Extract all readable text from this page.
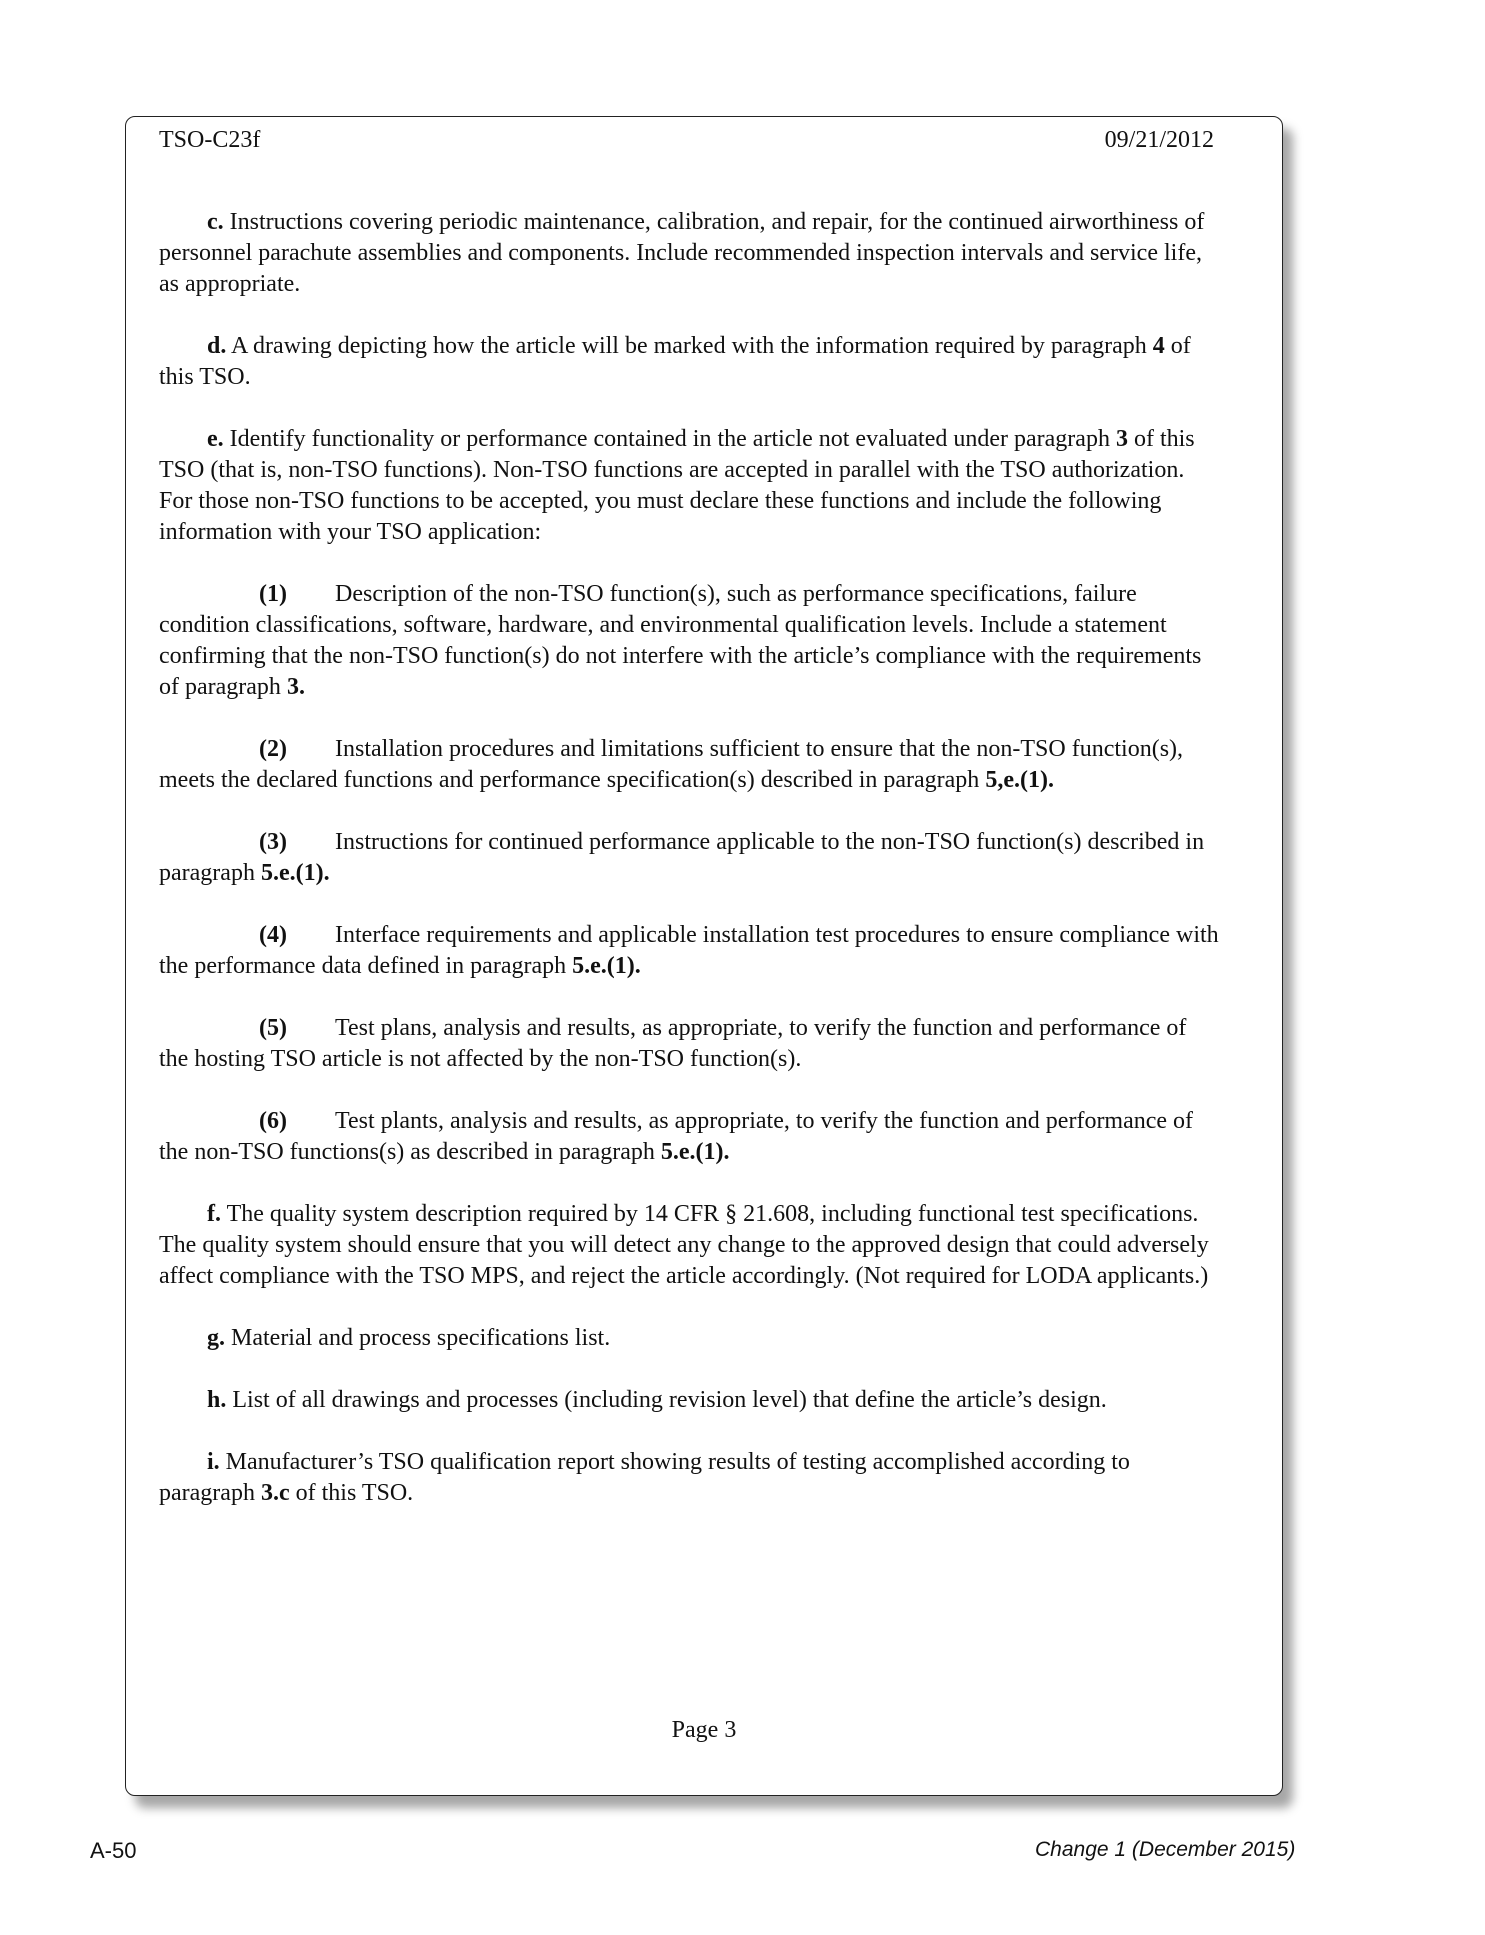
TSO-C23f	09/21/2012

c. Instructions covering periodic maintenance, calibration, and repair, for the continued airworthiness of personnel parachute assemblies and components. Include recommended inspection intervals and service life, as appropriate.

d. A drawing depicting how the article will be marked with the information required by paragraph 4 of this TSO.

e. Identify functionality or performance contained in the article not evaluated under paragraph 3 of this TSO (that is, non-TSO functions). Non-TSO functions are accepted in parallel with the TSO authorization. For those non-TSO functions to be accepted, you must declare these functions and include the following information with your TSO application:

(1) Description of the non-TSO function(s), such as performance specifications, failure condition classifications, software, hardware, and environmental qualification levels. Include a statement confirming that the non-TSO function(s) do not interfere with the article’s compliance with the requirements of paragraph 3.

(2) Installation procedures and limitations sufficient to ensure that the non-TSO function(s), meets the declared functions and performance specification(s) described in paragraph 5,e.(1).

(3) Instructions for continued performance applicable to the non-TSO function(s) described in paragraph 5.e.(1).

(4) Interface requirements and applicable installation test procedures to ensure compliance with the performance data defined in paragraph 5.e.(1).

(5) Test plans, analysis and results, as appropriate, to verify the function and performance of the hosting TSO article is not affected by the non-TSO function(s).

(6) Test plants, analysis and results, as appropriate, to verify the function and performance of the non-TSO functions(s) as described in paragraph 5.e.(1).

f. The quality system description required by 14 CFR § 21.608, including functional test specifications. The quality system should ensure that you will detect any change to the approved design that could adversely affect compliance with the TSO MPS, and reject the article accordingly. (Not required for LODA applicants.)

g. Material and process specifications list.

h. List of all drawings and processes (including revision level) that define the article’s design.

i. Manufacturer’s TSO qualification report showing results of testing accomplished according to paragraph 3.c of this TSO.

Page 3
A-50	Change 1 (December 2015)
